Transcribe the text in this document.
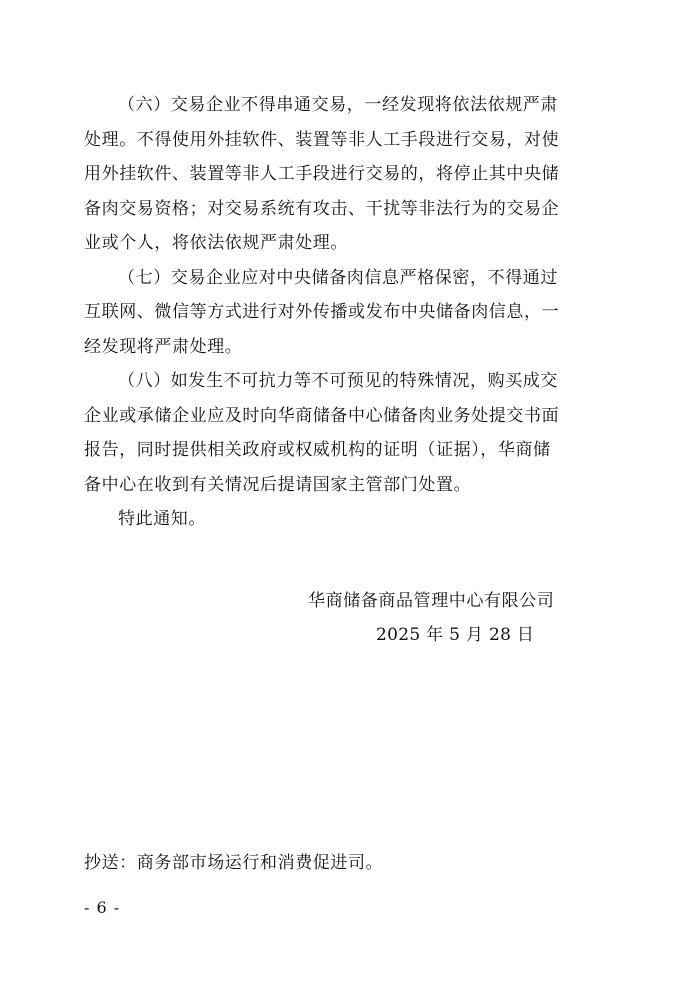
（六）交易企业不得串通交易，一经发现将依法依规严肃
处理。不得使用外挂软件、装置等非人工手段进行交易，对使
用外挂软件、装置等非人工手段进行交易的，将停止其中央储
备肉交易资格；对交易系统有攻击、干扰等非法行为的交易企
业或个人，将依法依规严肃处理。
（七）交易企业应对中央储备肉信息严格保密，不得通过
互联网、微信等方式进行对外传播或发布中央储备肉信息，一
经发现将严肃处理。
（八）如发生不可抗力等不可预见的特殊情况，购买成交
企业或承储企业应及时向华商储备中心储备肉业务处提交书面
报告，同时提供相关政府或权威机构的证明（证据），华商储
备中心在收到有关情况后提请国家主管部门处置。

特此通知。

华商储备商品管理中心有限公司
2025 年 5 月 28 日
抄送：商务部市场运行和消费促进司。
- 6 -
